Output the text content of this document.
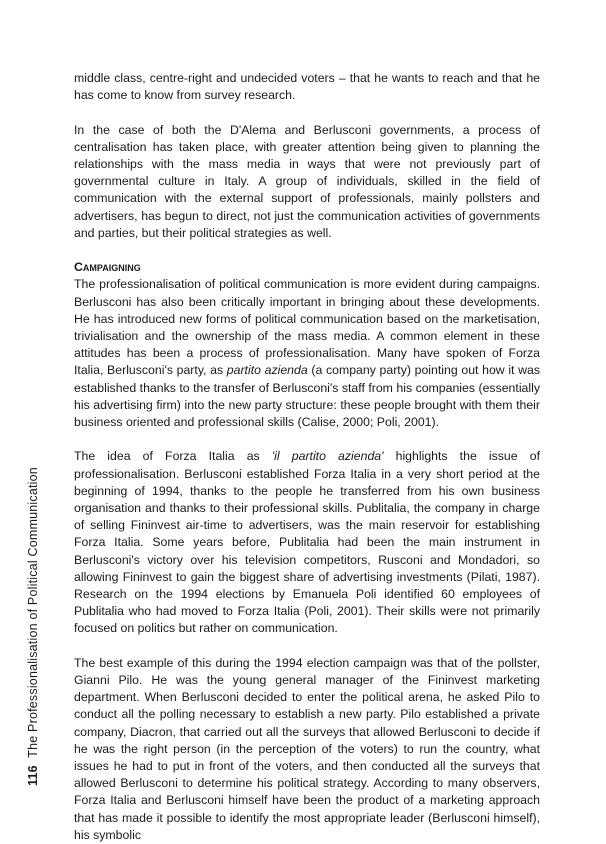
116 The Professionalisation of Political Communication

middle class, centre-right and undecided voters – that he wants to reach and that he has come to know from survey research.

In the case of both the D'Alema and Berlusconi governments, a process of centralisation has taken place, with greater attention being given to planning the relationships with the mass media in ways that were not previously part of governmental culture in Italy. A group of individuals, skilled in the field of communication with the external support of professionals, mainly pollsters and advertisers, has begun to direct, not just the communication activities of governments and parties, but their political strategies as well.

Campaigning

The professionalisation of political communication is more evident during campaigns. Berlusconi has also been critically important in bringing about these developments. He has introduced new forms of political communication based on the marketisation, trivialisation and the ownership of the mass media. A common element in these attitudes has been a process of professionalisation. Many have spoken of Forza Italia, Berlusconi's party, as partito azienda (a company party) pointing out how it was established thanks to the transfer of Berlusconi's staff from his companies (essentially his advertising firm) into the new party structure: these people brought with them their business oriented and professional skills (Calise, 2000; Poli, 2001).

The idea of Forza Italia as 'il partito azienda' highlights the issue of professionalisation. Berlusconi established Forza Italia in a very short period at the beginning of 1994, thanks to the people he transferred from his own business organisation and thanks to their professional skills. Publitalia, the company in charge of selling Fininvest air-time to advertisers, was the main reservoir for establishing Forza Italia. Some years before, Publitalia had been the main instrument in Berlusconi's victory over his television competitors, Rusconi and Mondadori, so allowing Fininvest to gain the biggest share of advertising investments (Pilati, 1987). Research on the 1994 elections by Emanuela Poli identified 60 employees of Publitalia who had moved to Forza Italia (Poli, 2001). Their skills were not primarily focused on politics but rather on communication.

The best example of this during the 1994 election campaign was that of the pollster, Gianni Pilo. He was the young general manager of the Fininvest marketing department. When Berlusconi decided to enter the political arena, he asked Pilo to conduct all the polling necessary to establish a new party. Pilo established a private company, Diacron, that carried out all the surveys that allowed Berlusconi to decide if he was the right person (in the perception of the voters) to run the country, what issues he had to put in front of the voters, and then conducted all the surveys that allowed Berlusconi to determine his political strategy. According to many observers, Forza Italia and Berlusconi himself have been the product of a marketing approach that has made it possible to identify the most appropriate leader (Berlusconi himself), his symbolic
